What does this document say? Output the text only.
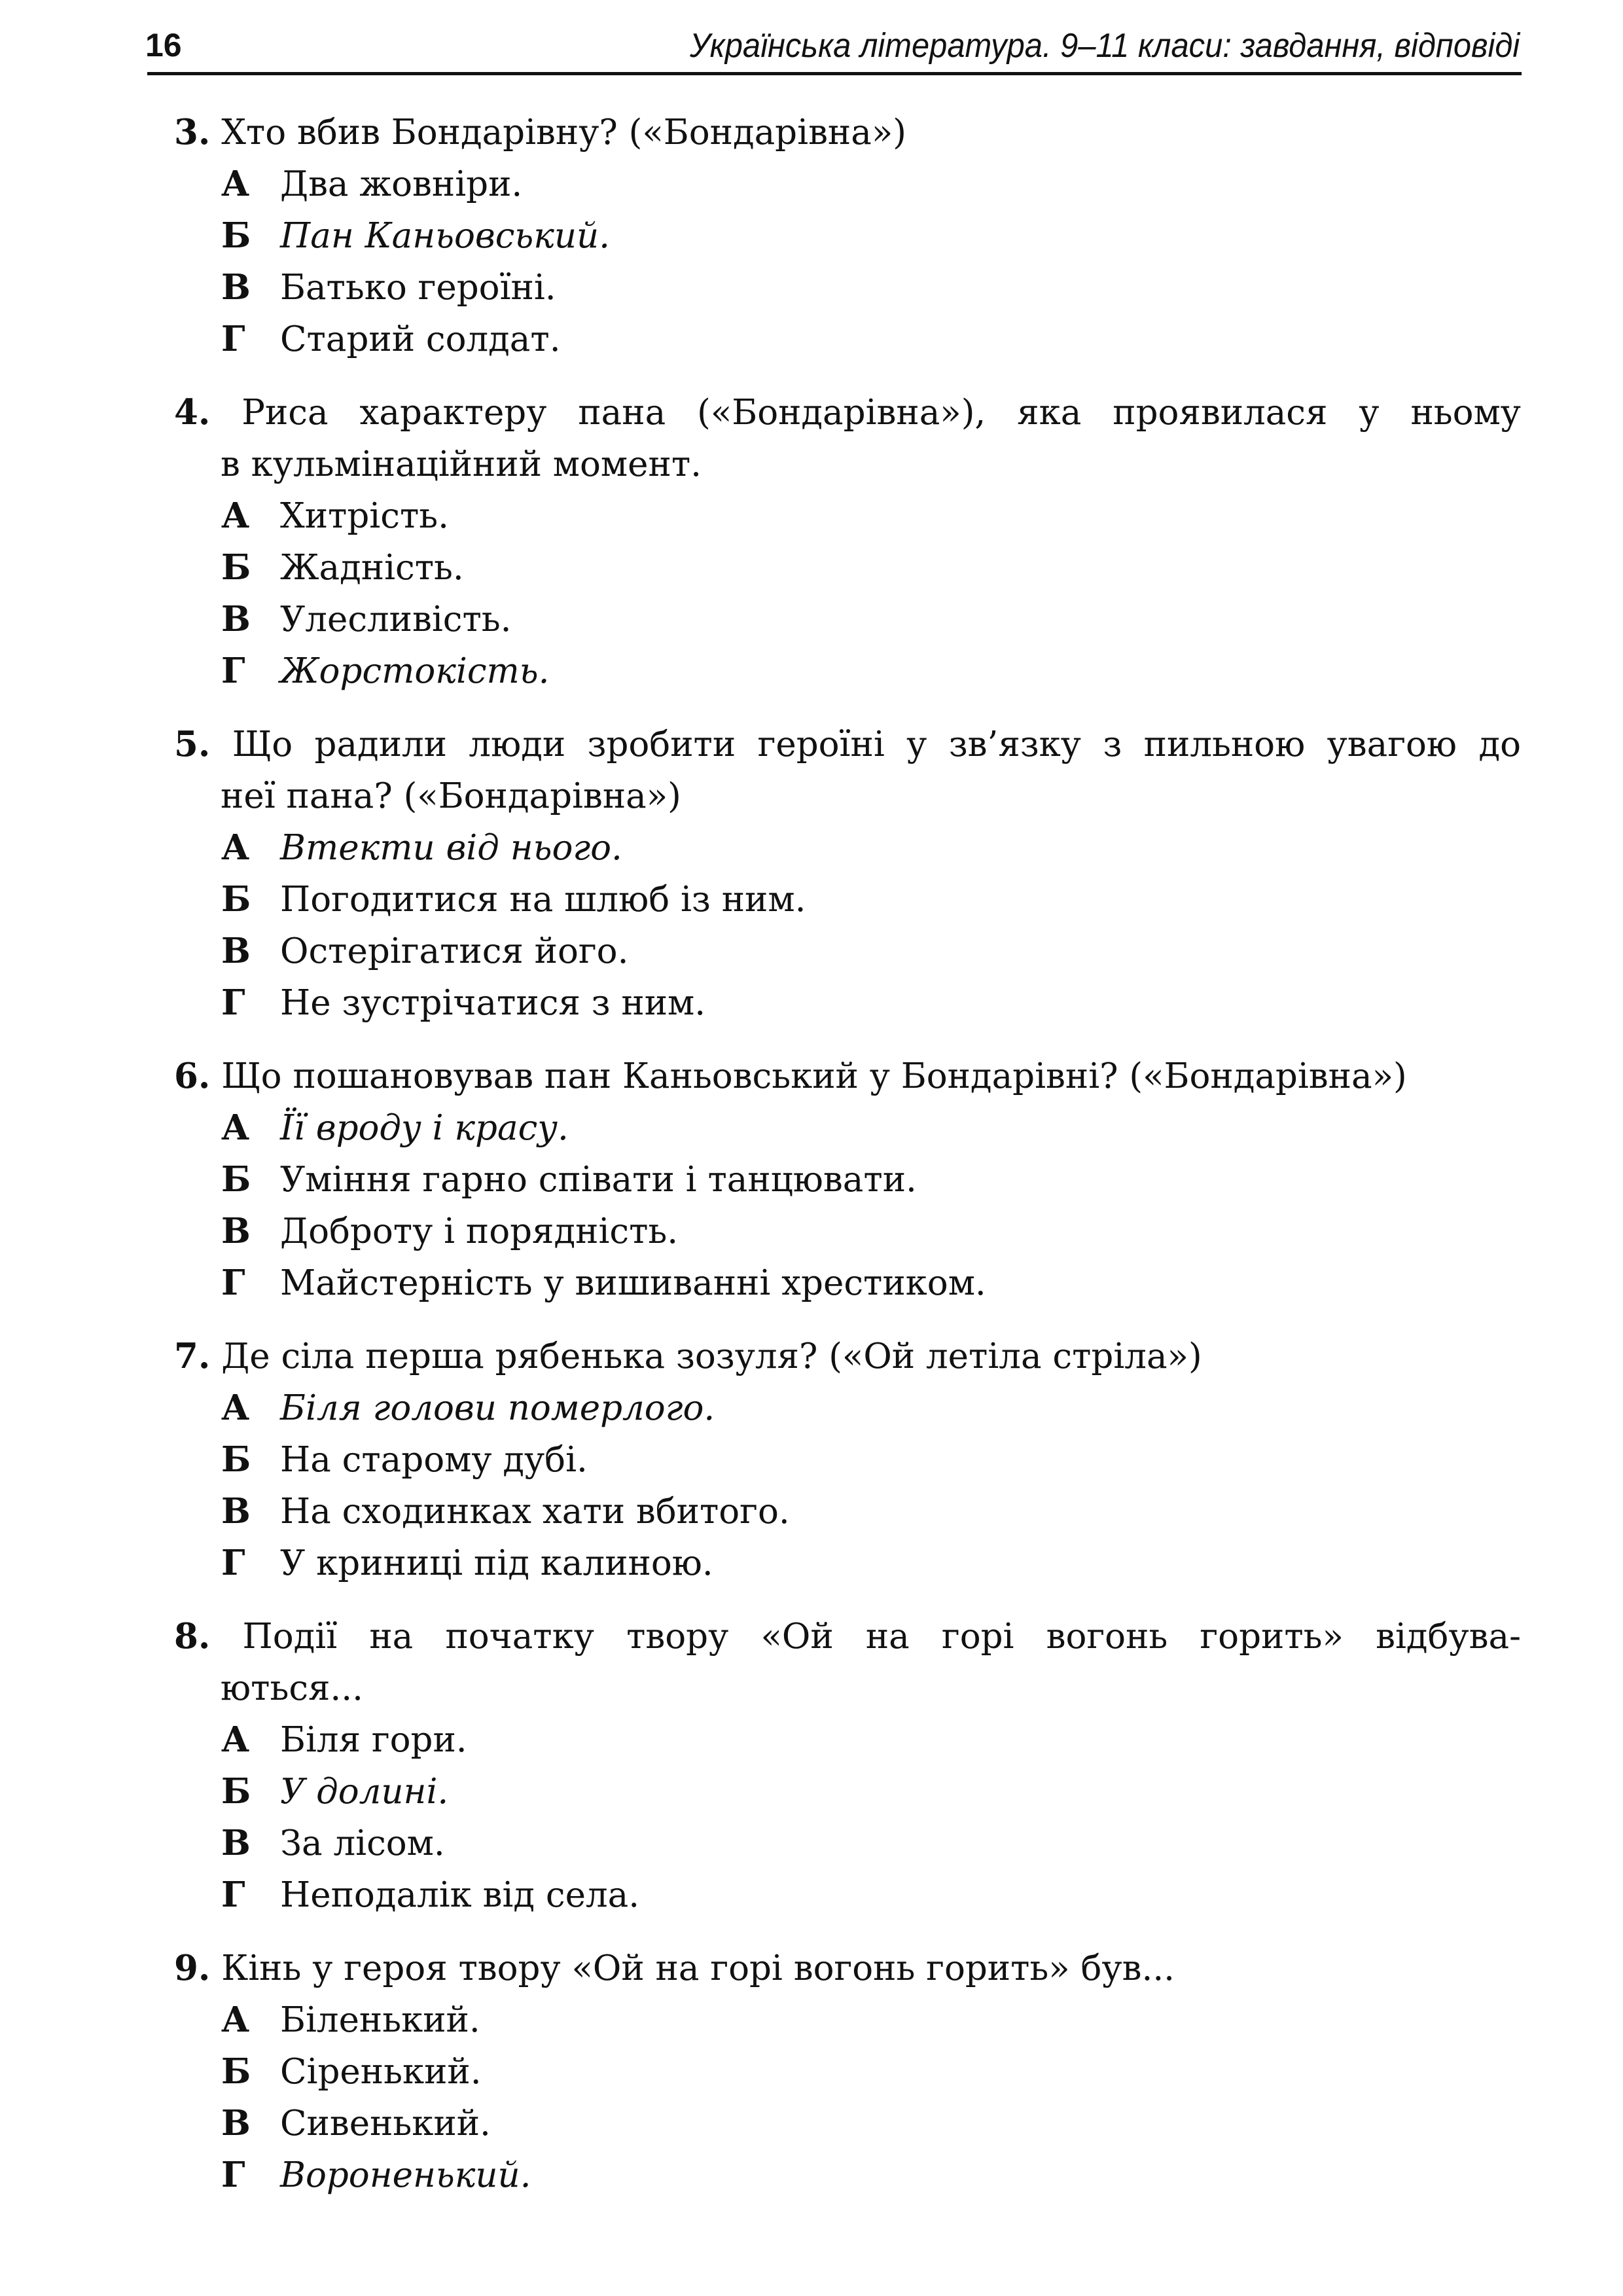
16	Українська література. 9–11 класи: завдання, відповіді
3. Хто вбив Бондарівну? («Бондарівна»)
А Два жовніри.
Б Пан Каньовський.
В Батько героїні.
Г Старий солдат.
4. Риса характеру пана («Бондарівна»), яка проявилася у ньому
в кульмінаційний момент.
А Хитрість.
Б Жадність.
В Улесливість.
Г Жорстокість.
5. Що радили люди зробити героїні у зв’язку з пильною увагою до
неї пана? («Бондарівна»)
А Втекти від нього.
Б Погодитися на шлюб із ним.
В Остерігатися його.
Г Не зустрічатися з ним.
6. Що пошановував пан Каньовський у Бондарівні? («Бондарівна»)
А Її вроду і красу.
Б Уміння гарно співати і танцювати.
В Доброту і порядність.
Г Майстерність у вишиванні хрестиком.
7. Де сіла перша рябенька зозуля? («Ой летіла стріла»)
А Біля голови померлого.
Б На старому дубі.
В На сходинках хати вбитого.
Г У криниці під калиною.
8. Події на початку твору «Ой на горі вогонь горить» відбува-
ються...
А Біля гори.
Б У долині.
В За лісом.
Г Неподалік від села.
9. Кінь у героя твору «Ой на горі вогонь горить» був...
А Біленький.
Б Сіренький.
В Сивенький.
Г Вороненький.
